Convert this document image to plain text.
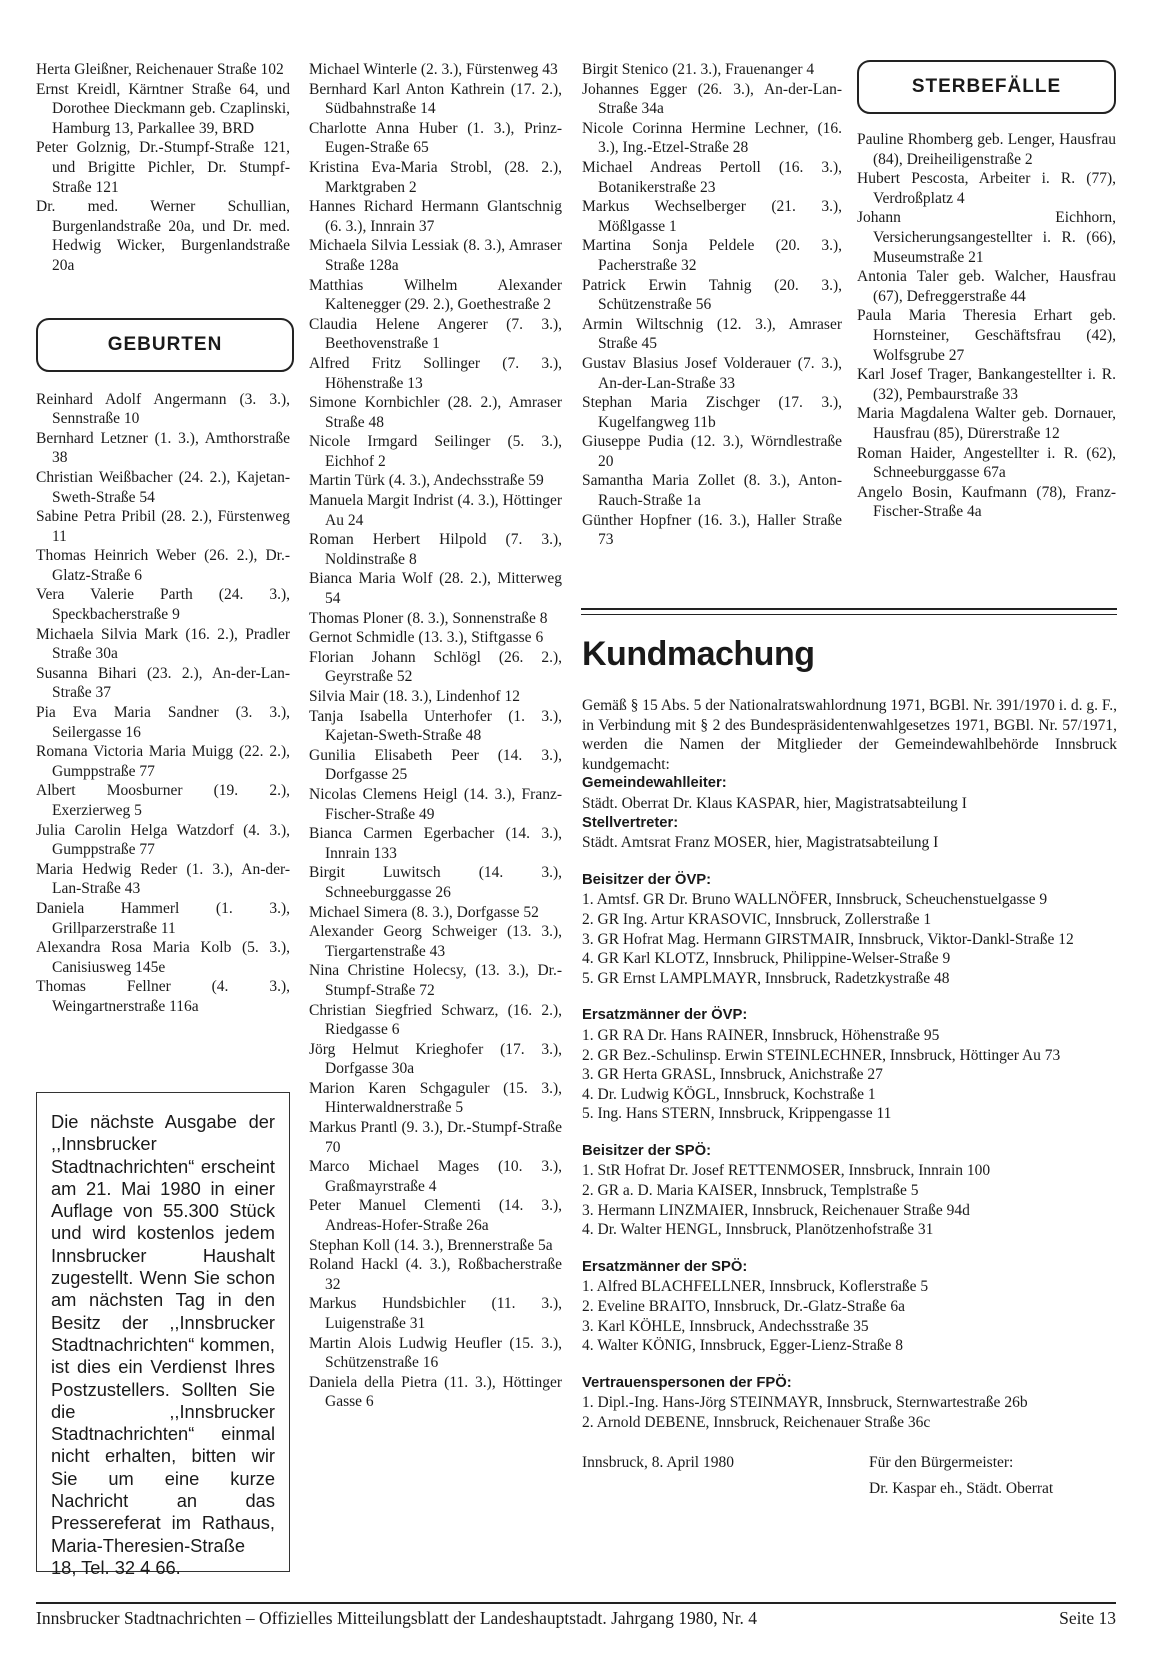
Herta Gleißner, Reichenauer Straße 102

Ernst Kreidl, Kärntner Straße 64, und Dorothee Dieckmann geb. Czaplinski, Hamburg 13, Parkallee 39, BRD

Peter Golznig, Dr.-Stumpf-Straße 121, und Brigitte Pichler, Dr. Stumpf-Straße 121

Dr. med. Werner Schullian, Burgenlandstraße 20a, und Dr. med. Hedwig Wicker, Burgenlandstraße 20a

GEBURTEN

Reinhard Adolf Angermann (3. 3.), Sennstraße 10

Bernhard Letzner (1. 3.), Amthorstraße 38

Christian Weißbacher (24. 2.), Kajetan-Sweth-Straße 54

Sabine Petra Pribil (28. 2.), Fürstenweg 11

Thomas Heinrich Weber (26. 2.), Dr.-Glatz-Straße 6

Vera Valerie Parth (24. 3.), Speckbacherstraße 9

Michaela Silvia Mark (16. 2.), Pradler Straße 30a

Susanna Bihari (23. 2.), An-der-Lan-Straße 37

Pia Eva Maria Sandner (3. 3.), Seilergasse 16

Romana Victoria Maria Muigg (22. 2.), Gumppstraße 77

Albert Moosburner (19. 2.), Exerzierweg 5

Julia Carolin Helga Watzdorf (4. 3.), Gumppstraße 77

Maria Hedwig Reder (1. 3.), An-der-Lan-Straße 43

Daniela Hammerl (1. 3.), Grillparzerstraße 11

Alexandra Rosa Maria Kolb (5. 3.), Canisiusweg 145e

Thomas Fellner (4. 3.), Weingartnerstraße 116a

Die nächste Ausgabe der ,,Innsbrucker Stadtnachrichten“ erscheint am 21. Mai 1980 in einer Auflage von 55.300 Stück und wird kostenlos jedem Innsbrucker Haushalt zugestellt. Wenn Sie schon am nächsten Tag in den Besitz der ,,Innsbrucker Stadtnachrichten“ kommen, ist dies ein Verdienst Ihres Postzustellers. Sollten Sie die ,,Innsbrucker Stadtnachrichten“ einmal nicht erhalten, bitten wir Sie um eine kurze Nachricht an das Pressereferat im Rathaus, Maria-Theresien-Straße 18, Tel. 32 4 66.

Michael Winterle (2. 3.), Fürstenweg 43

Bernhard Karl Anton Kathrein (17. 2.), Südbahnstraße 14

Charlotte Anna Huber (1. 3.), Prinz-Eugen-Straße 65

Kristina Eva-Maria Strobl, (28. 2.), Marktgraben 2

Hannes Richard Hermann Glantschnig (6. 3.), Innrain 37

Michaela Silvia Lessiak (8. 3.), Amraser Straße 128a

Matthias Wilhelm Alexander Kaltenegger (29. 2.), Goethestraße 2

Claudia Helene Angerer (7. 3.), Beethovenstraße 1

Alfred Fritz Sollinger (7. 3.), Höhenstraße 13

Simone Kornbichler (28. 2.), Amraser Straße 48

Nicole Irmgard Seilinger (5. 3.), Eichhof 2

Martin Türk (4. 3.), Andechsstraße 59

Manuela Margit Indrist (4. 3.), Höttinger Au 24

Roman Herbert Hilpold (7. 3.), Noldinstraße 8

Bianca Maria Wolf (28. 2.), Mitterweg 54

Thomas Ploner (8. 3.), Sonnenstraße 8

Gernot Schmidle (13. 3.), Stiftgasse 6

Florian Johann Schlögl (26. 2.), Geyrstraße 52

Silvia Mair (18. 3.), Lindenhof 12

Tanja Isabella Unterhofer (1. 3.), Kajetan-Sweth-Straße 48

Gunilia Elisabeth Peer (14. 3.), Dorfgasse 25

Nicolas Clemens Heigl (14. 3.), Franz-Fischer-Straße 49

Bianca Carmen Egerbacher (14. 3.), Innrain 133

Birgit Luwitsch (14. 3.), Schneeburggasse 26

Michael Simera (8. 3.), Dorfgasse 52

Alexander Georg Schweiger (13. 3.), Tiergartenstraße 43

Nina Christine Holecsy, (13. 3.), Dr.-Stumpf-Straße 72

Christian Siegfried Schwarz, (16. 2.), Riedgasse 6

Jörg Helmut Krieghofer (17. 3.), Dorfgasse 30a

Marion Karen Schgaguler (15. 3.), Hinterwaldnerstraße 5

Markus Prantl (9. 3.), Dr.-Stumpf-Straße 70

Marco Michael Mages (10. 3.), Graßmayrstraße 4

Peter Manuel Clementi (14. 3.), Andreas-Hofer-Straße 26a

Stephan Koll (14. 3.), Brennerstraße 5a

Roland Hackl (4. 3.), Roßbacherstraße 32

Markus Hundsbichler (11. 3.), Luigenstraße 31

Martin Alois Ludwig Heufler (15. 3.), Schützenstraße 16

Daniela della Pietra (11. 3.), Höttinger Gasse 6

Birgit Stenico (21. 3.), Frauenanger 4

Johannes Egger (26. 3.), An-der-Lan-Straße 34a

Nicole Corinna Hermine Lechner, (16. 3.), Ing.-Etzel-Straße 28

Michael Andreas Pertoll (16. 3.), Botanikerstraße 23

Markus Wechselberger (21. 3.), Mößlgasse 1

Martina Sonja Peldele (20. 3.), Pacherstraße 32

Patrick Erwin Tahnig (20. 3.), Schützenstraße 56

Armin Wiltschnig (12. 3.), Amraser Straße 45

Gustav Blasius Josef Volderauer (7. 3.), An-der-Lan-Straße 33

Stephan Maria Zischger (17. 3.), Kugelfangweg 11b

Giuseppe Pudia (12. 3.), Wörndlestraße 20

Samantha Maria Zollet (8. 3.), Anton-Rauch-Straße 1a

Günther Hopfner (16. 3.), Haller Straße 73

STERBEFÄLLE

Pauline Rhomberg geb. Lenger, Hausfrau (84), Dreiheiligenstraße 2

Hubert Pescosta, Arbeiter i. R. (77), Verdroßplatz 4

Johann Eichhorn, Versicherungsangestellter i. R. (66), Museumstraße 21

Antonia Taler geb. Walcher, Hausfrau (67), Defreggerstraße 44

Paula Maria Theresia Erhart geb. Hornsteiner, Geschäftsfrau (42), Wolfsgrube 27

Karl Josef Trager, Bankangestellter i. R. (32), Pembaurstraße 33

Maria Magdalena Walter geb. Dornauer, Hausfrau (85), Dürerstraße 12

Roman Haider, Angestellter i. R. (62), Schneeburggasse 67a

Angelo Bosin, Kaufmann (78), Franz-Fischer-Straße 4a

Kundmachung

Gemäß § 15 Abs. 5 der Nationalratswahlordnung 1971, BGBl. Nr. 391/1970 i. d. g. F., in Verbindung mit § 2 des Bundespräsidentenwahlgesetzes 1971, BGBl. Nr. 57/1971, werden die Namen der Mitglieder der Gemeindewahlbehörde Innsbruck kundgemacht:

Gemeindewahlleiter:

Städt. Oberrat Dr. Klaus KASPAR, hier, Magistratsabteilung I

Stellvertreter:

Städt. Amtsrat Franz MOSER, hier, Magistratsabteilung I

Beisitzer der ÖVP:

1. Amtsf. GR Dr. Bruno WALLNÖFER, Innsbruck, Scheuchenstuelgasse 9
2. GR Ing. Artur KRASOVIC, Innsbruck, Zollerstraße 1
3. GR Hofrat Mag. Hermann GIRSTMAIR, Innsbruck, Viktor-Dankl-Straße 12
4. GR Karl KLOTZ, Innsbruck, Philippine-Welser-Straße 9
5. GR Ernst LAMPLMAYR, Innsbruck, Radetzkystraße 48

Ersatzmänner der ÖVP:

1. GR RA Dr. Hans RAINER, Innsbruck, Höhenstraße 95
2. GR Bez.-Schulinsp. Erwin STEINLECHNER, Innsbruck, Höttinger Au 73
3. GR Herta GRASL, Innsbruck, Anichstraße 27
4. Dr. Ludwig KÖGL, Innsbruck, Kochstraße 1
5. Ing. Hans STERN, Innsbruck, Krippengasse 11

Beisitzer der SPÖ:

1. StR Hofrat Dr. Josef RETTENMOSER, Innsbruck, Innrain 100
2. GR a. D. Maria KAISER, Innsbruck, Templstraße 5
3. Hermann LINZMAIER, Innsbruck, Reichenauer Straße 94d
4. Dr. Walter HENGL, Innsbruck, Planötzenhofstraße 31

Ersatzmänner der SPÖ:

1. Alfred BLACHFELLNER, Innsbruck, Koflerstraße 5
2. Eveline BRAITO, Innsbruck, Dr.-Glatz-Straße 6a
3. Karl KÖHLE, Innsbruck, Andechsstraße 35
4. Walter KÖNIG, Innsbruck, Egger-Lienz-Straße 8

Vertrauenspersonen der FPÖ:

1. Dipl.-Ing. Hans-Jörg STEINMAYR, Innsbruck, Sternwartestraße 26b
2. Arnold DEBENE, Innsbruck, Reichenauer Straße 36c
Innsbruck, 8. April 1980	Für den Bürgermeister:
Dr. Kaspar eh., Städt. Oberrat
Innsbrucker Stadtnachrichten – Offizielles Mitteilungsblatt der Landeshauptstadt. Jahrgang 1980, Nr. 4	Seite 13
